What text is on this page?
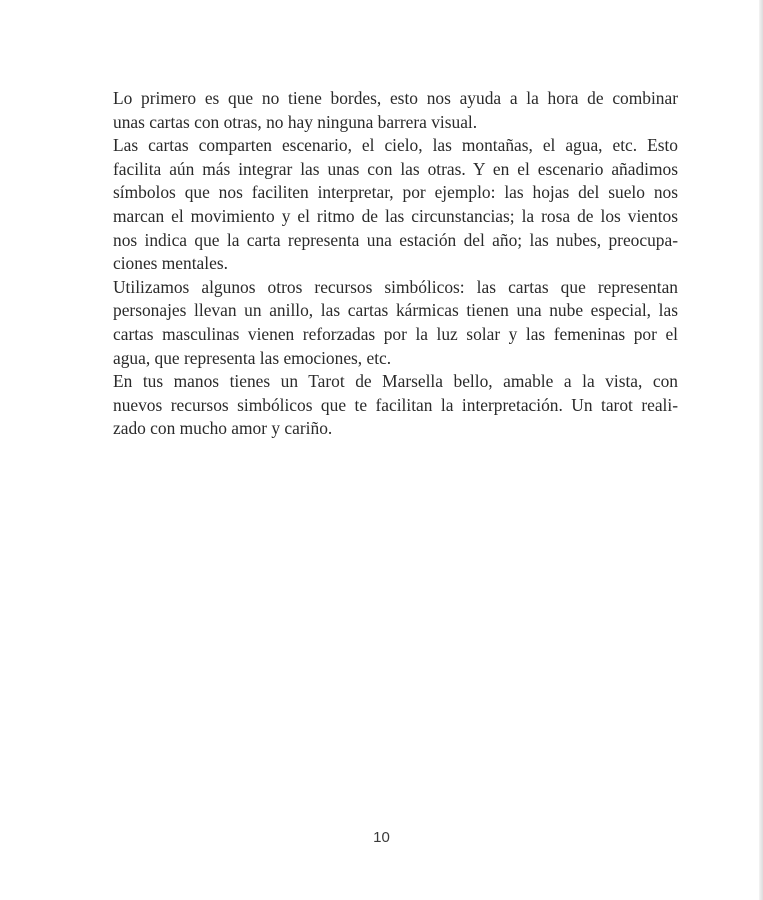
Lo primero es que no tiene bordes, esto nos ayuda a la hora de combinar
unas cartas con otras, no hay ninguna barrera visual.

Las cartas comparten escenario, el cielo, las montañas, el agua, etc. Esto
facilita aún más integrar las unas con las otras. Y en el escenario añadimos
símbolos que nos faciliten interpretar, por ejemplo: las hojas del suelo nos
marcan el movimiento y el ritmo de las circunstancias; la rosa de los vientos
nos indica que la carta representa una estación del año; las nubes, preocupa-
ciones mentales.

Utilizamos algunos otros recursos simbólicos: las cartas que representan
personajes llevan un anillo, las cartas kármicas tienen una nube especial, las
cartas masculinas vienen reforzadas por la luz solar y las femeninas por el
agua, que representa las emociones, etc.

En tus manos tienes un Tarot de Marsella bello, amable a la vista, con
nuevos recursos simbólicos que te facilitan la interpretación. Un tarot reali-
zado con mucho amor y cariño.

10
